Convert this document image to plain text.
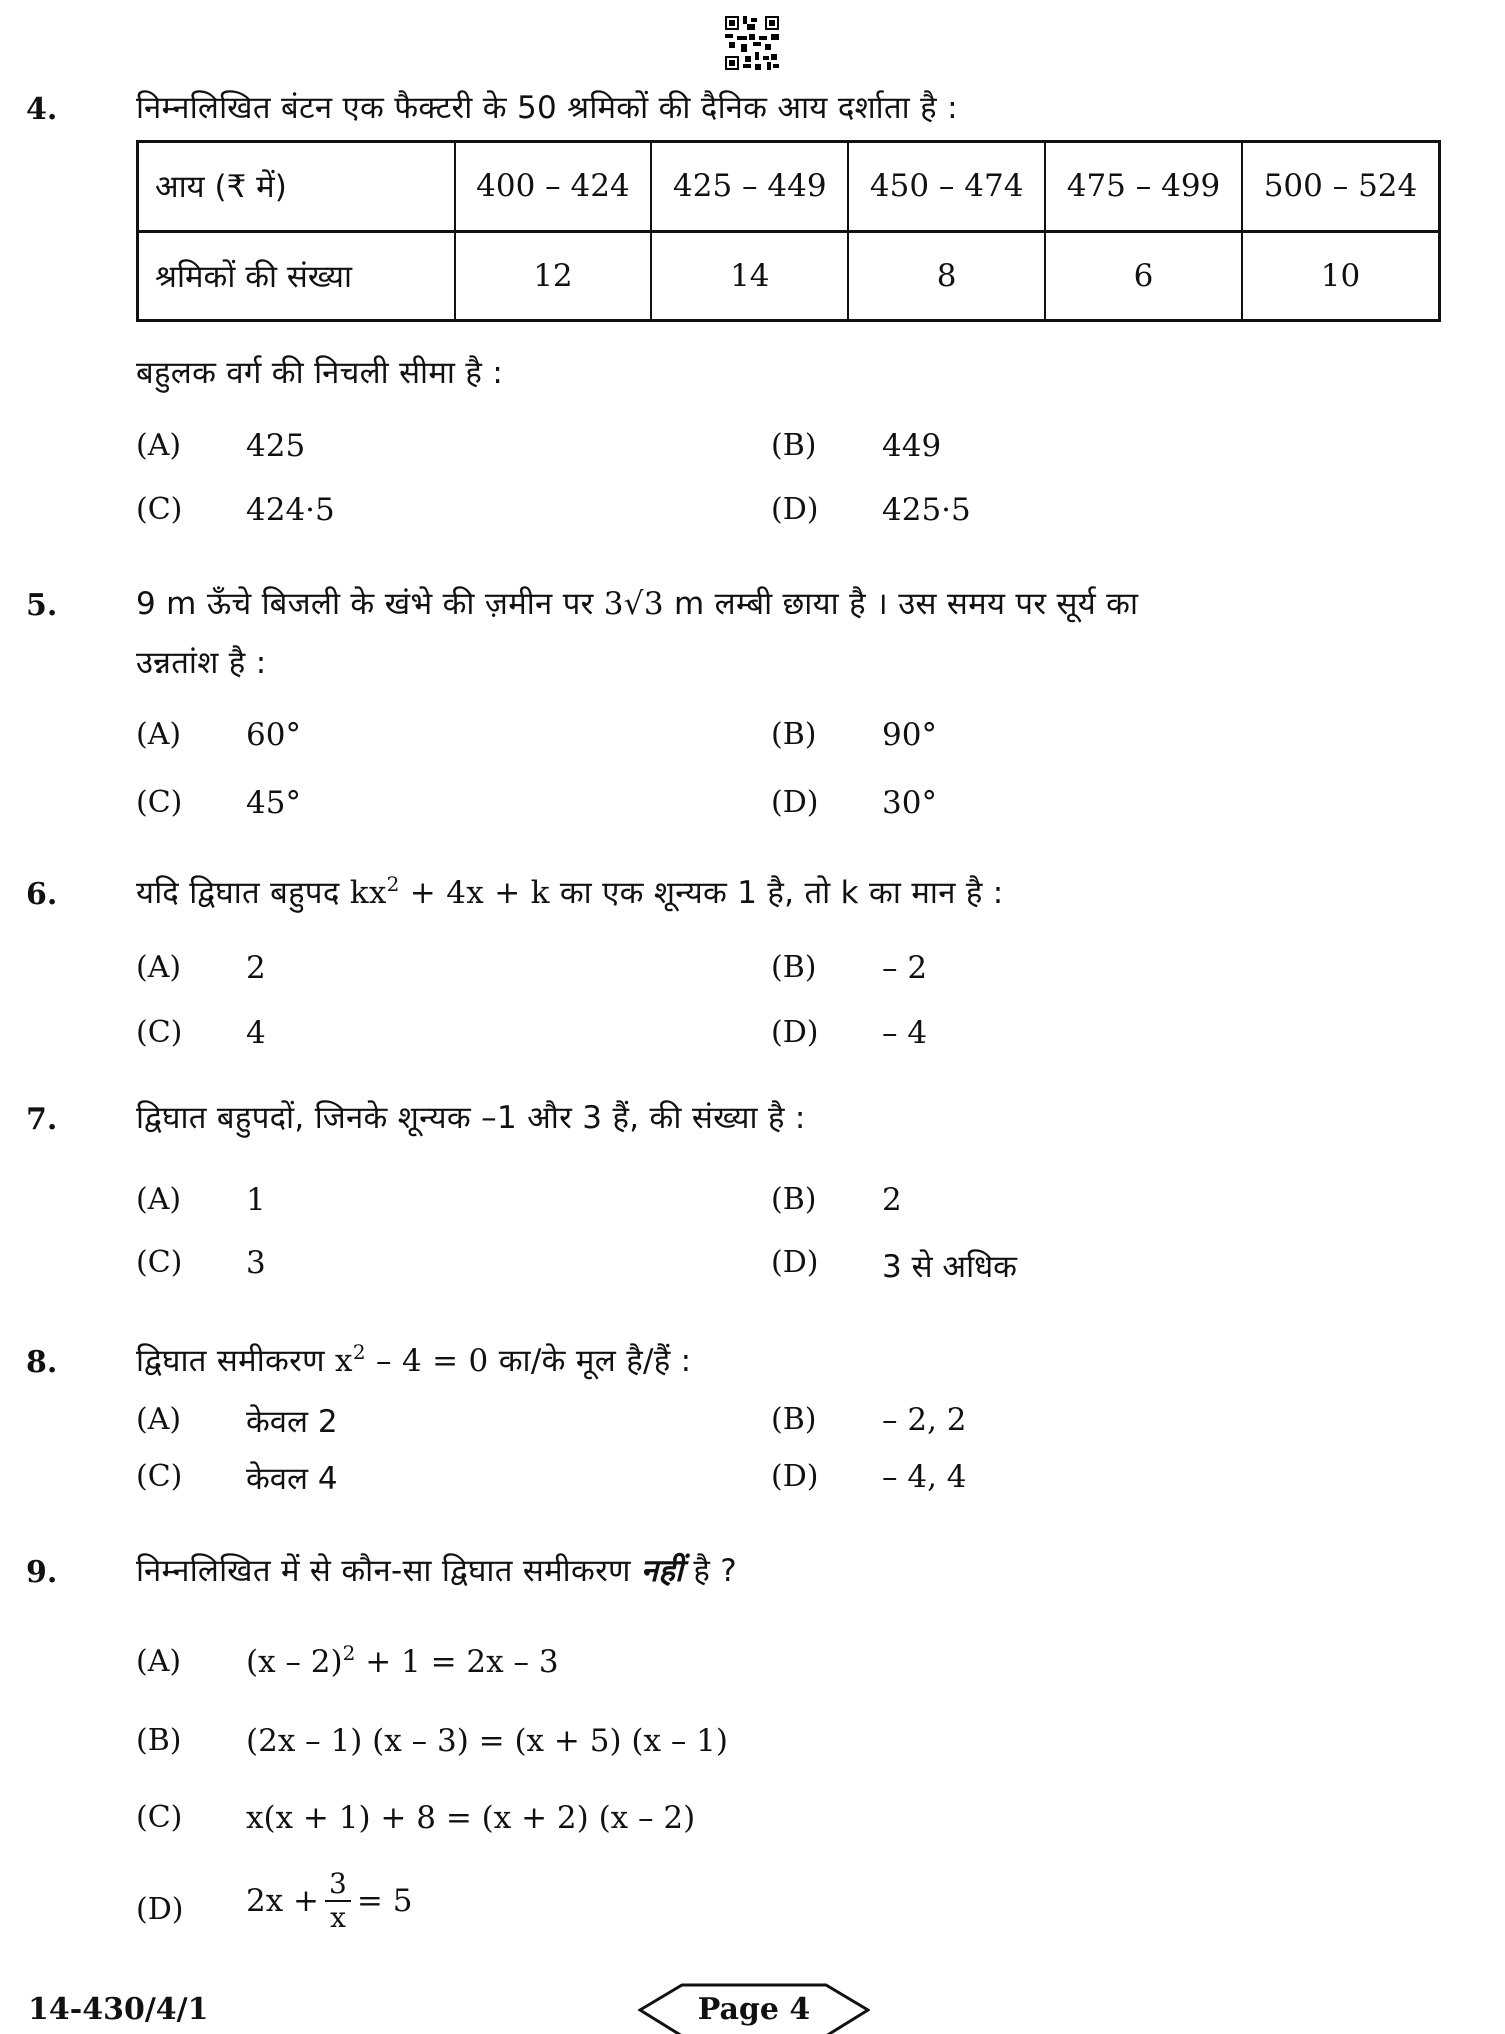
4.	निम्नलिखित बंटन एक फैक्टरी के 50 श्रमिकों की दैनिक आय दर्शाता है :
आय (₹ में)	400 – 424	425 – 449	450 – 474	475 – 499	500 – 524
श्रमिकों की संख्या	12	14	8	6	10
बहुलक वर्ग की निचली सीमा है :
(A) 425	(B) 449
(C) 424·5	(D) 425·5
5.	9 m ऊँचे बिजली के खंभे की ज़मीन पर 3√3 m लम्बी छाया है । उस समय पर सूर्य का
उन्नतांश है :
(A) 60°	(B) 90°
(C) 45°	(D) 30°
6.	यदि द्विघात बहुपद $kx^2 + 4x + k$ का एक शून्यक 1 है, तो k का मान है :
(A) 2	(B) – 2
(C) 4	(D) – 4
7.	द्विघात बहुपदों, जिनके शून्यक –1 और 3 हैं, की संख्या है :
(A) 1	(B) 2
(C) 3	(D) 3 से अधिक
8.	द्विघात समीकरण $x^2 - 4 = 0$ का/के मूल है/हैं :
(A) केवल 2	(B) – 2, 2
(C) केवल 4	(D) – 4, 4
9.	निम्नलिखित में से कौन-सा द्विघात समीकरण नहीं है ?
(A) (x – 2)$^2$ + 1 = 2x – 3
(B) (2x – 1) (x – 3) = (x + 5) (x – 1)
(C) x(x + 1) + 8 = (x + 2) (x – 2)
(D) $2x + \frac{3}{x} = 5$
14-430/4/1	Page 4
